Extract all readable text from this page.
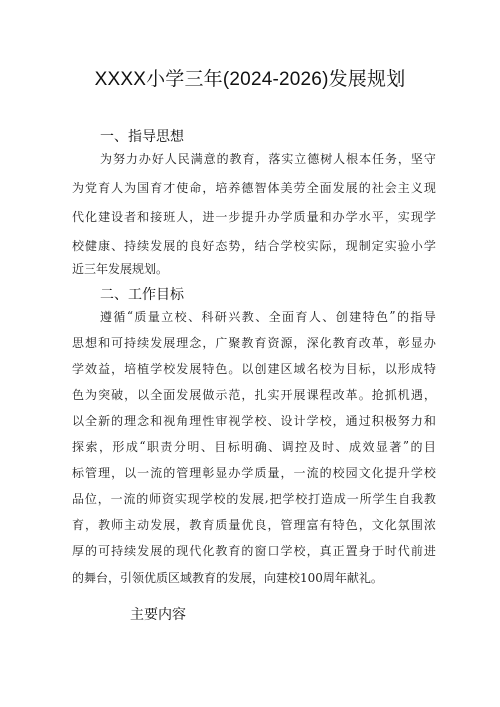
XXXX小学三年(2024-2026)发展规划
一、指导思想
为 努 力 办 好 人 民 满 意 的 教 育 ， 落 实 立 德 树 人 根 本 任 务 ， 坚 守
为 党 育 人 为 国 育 才 使 命 ， 培 养 德 智 体 美 劳 全 面 发 展 的 社 会 主 义 现
代 化 建 设 者 和 接 班 人 ， 进 一 步 提 升 办 学 质 量 和 办 学 水 平 ， 实 现 学
校 健 康 、 持 续 发 展 的 良 好 态 势 ， 结 合 学 校 实 际 ， 现 制 定 实 验 小 学
近三年发展规划。
二、工作目标
遵 循 “ 质 量 立 校 、 科 研 兴 教 、 全 面 育 人 、 创 建 特 色 ” 的 指 导
思 想 和 可 持 续 发 展 理 念 ， 广 聚 教 育 资 源 ， 深 化 教 育 改 革 ， 彰 显 办
学 效 益 ， 培 植 学 校 发 展 特 色 。 以 创 建 区 域 名 校 为 目 标 ， 以 形 成 特
色 为 突 破 ， 以 全 面 发 展 做 示 范 ， 扎 实 开 展 课 程 改 革 。 抢 抓 机 遇 ，
以 全 新 的 理 念 和 视 角 理 性 审 视 学 校 、 设 计 学 校 ， 通 过 积 极 努 力 和
探 索 ， 形 成 “ 职 责 分 明 、 目 标 明 确 、 调 控 及 时 、 成 效 显 著 ” 的 目
标 管 理 ， 以 一 流 的 管 理 彰 显 办 学 质 量 ， 一 流 的 校 园 文 化 提 升 学 校
品 位 ， 一 流 的 师 资 实 现 学 校 的 发 展 , 把 学 校 打 造 成 一 所 学 生 自 我 教
育 ， 教 师 主 动 发 展 ， 教 育 质 量 优 良 ， 管 理 富 有 特 色 ， 文 化 氛 围 浓
厚 的 可 持 续 发 展 的 现 代 化 教 育 的 窗 口 学 校 ， 真 正 置 身 于 时 代 前 进
的舞台，引领优质区域教育的发展，向建校100周年献礼。
主要内容
